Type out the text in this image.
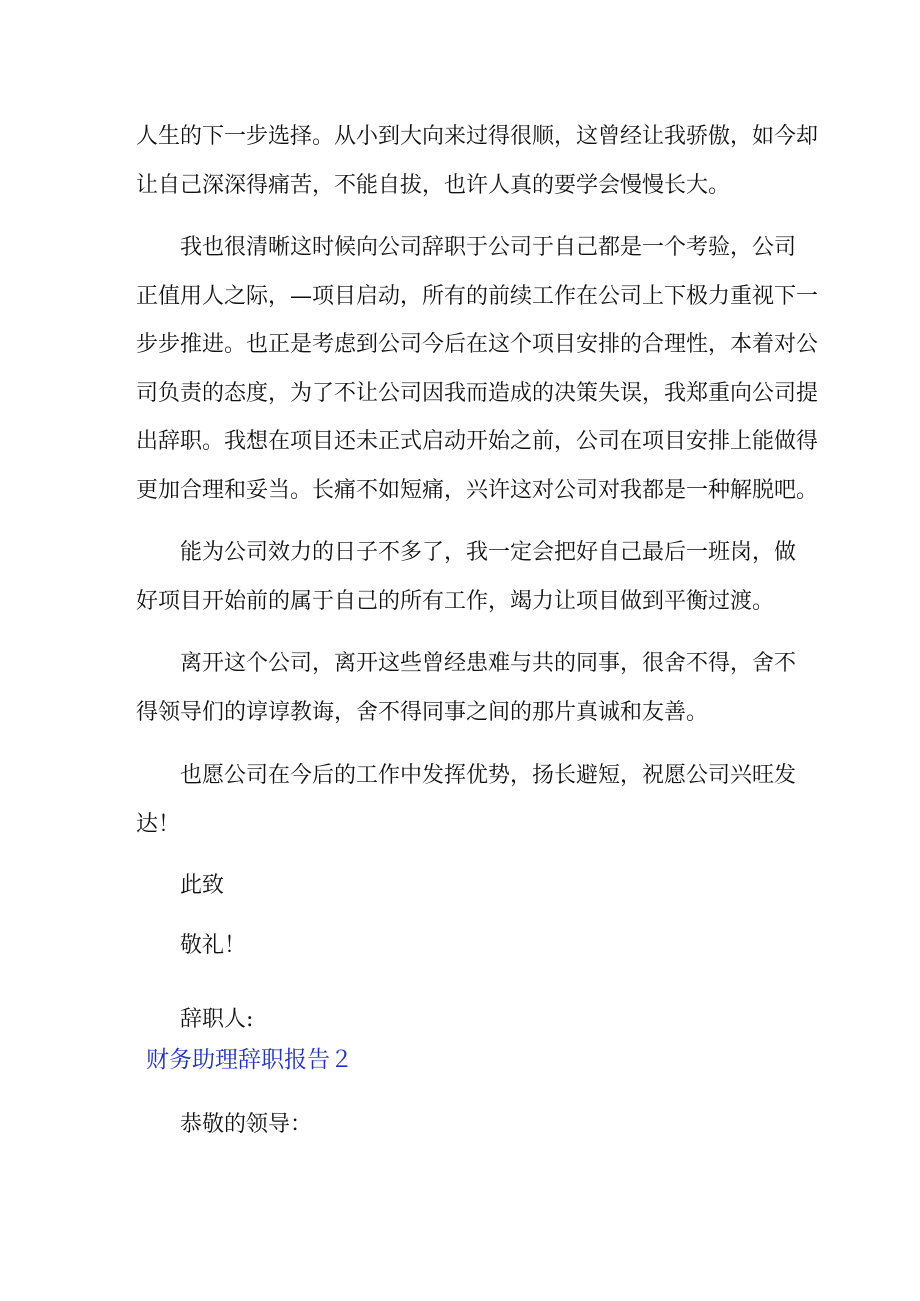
人生的下一步选择。从小到大向来过得很顺，这曾经让我骄傲，如今却
让自己深深得痛苦，不能自拔，也许人真的要学会慢慢长大。

我也很清晰这时候向公司辞职于公司于自己都是一个考验，公司
正值用人之际，—项目启动，所有的前续工作在公司上下极力重视下一
步步推进。也正是考虑到公司今后在这个项目安排的合理性，本着对公
司负责的态度，为了不让公司因我而造成的决策失误，我郑重向公司提
出辞职。我想在项目还未正式启动开始之前，公司在项目安排上能做得
更加合理和妥当。长痛不如短痛，兴许这对公司对我都是一种解脱吧。

能为公司效力的日子不多了，我一定会把好自己最后一班岗，做
好项目开始前的属于自己的所有工作，竭力让项目做到平衡过渡。

离开这个公司，离开这些曾经患难与共的同事，很舍不得，舍不
得领导们的谆谆教诲，舍不得同事之间的那片真诚和友善。

也愿公司在今后的工作中发挥优势，扬长避短，祝愿公司兴旺发
达！

此致

敬礼！

辞职人:

财务助理辞职报告２

恭敬的领导：
